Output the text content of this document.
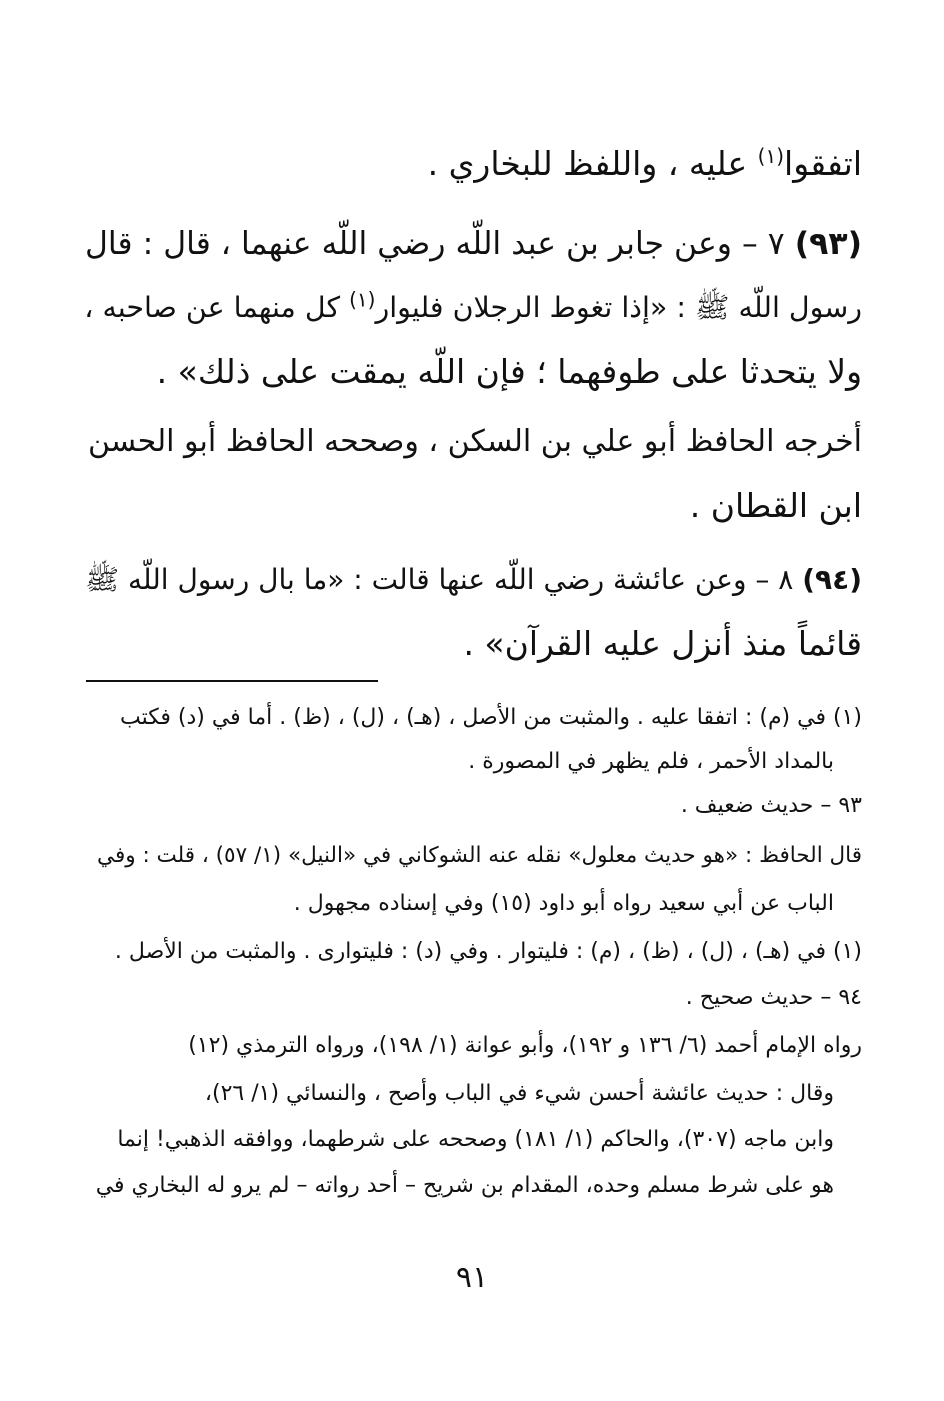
اتفقوا$^{(١)}$ عليه ، واللفظ للبخاري .
(٩٣) ٧ – وعن جابر بن عبد اللّه رضي اللّه عنهما ، قال : قال
رسول اللّه ﷺ : «إذا تغوط الرجلان فليوار$^{(١)}$ كل منهما عن صاحبه ،
ولا يتحدثا على طوفهما ؛ فإن اللّه يمقت على ذلك» .
أخرجه الحافظ أبو علي بن السكن ، وصححه الحافظ أبو الحسن
ابن القطان .
(٩٤) ٨ – وعن عائشة رضي اللّه عنها قالت : «ما بال رسول اللّه ﷺ
قائماً منذ أنزل عليه القرآن» .
(١) في (م) : اتفقا عليه . والمثبت من الأصل ، (هـ) ، (ل) ، (ظ) . أما في (د) فكتب
بالمداد الأحمر ، فلم يظهر في المصورة .
٩٣ – حديث ضعيف .
قال الحافظ : «هو حديث معلول» نقله عنه الشوكاني في «النيل» (١/ ٥٧) ، قلت : وفي
الباب عن أبي سعيد رواه أبو داود (١٥) وفي إسناده مجهول .
(١) في (هـ) ، (ل) ، (ظ) ، (م) : فليتوار . وفي (د) : فليتوارى . والمثبت من الأصل .
٩٤ – حديث صحيح .
رواه الإمام أحمد (٦/ ١٣٦ و ١٩٢)، وأبو عوانة (١/ ١٩٨)، ورواه الترمذي (١٢)
وقال : حديث عائشة أحسن شيء في الباب وأصح ، والنسائي (١/ ٢٦)،
وابن ماجه (٣٠٧)، والحاكم (١/ ١٨١) وصححه على شرطهما، ووافقه الذهبي! إنما
هو على شرط مسلم وحده، المقدام بن شريح – أحد رواته – لم يرو له البخاري في
٩١
